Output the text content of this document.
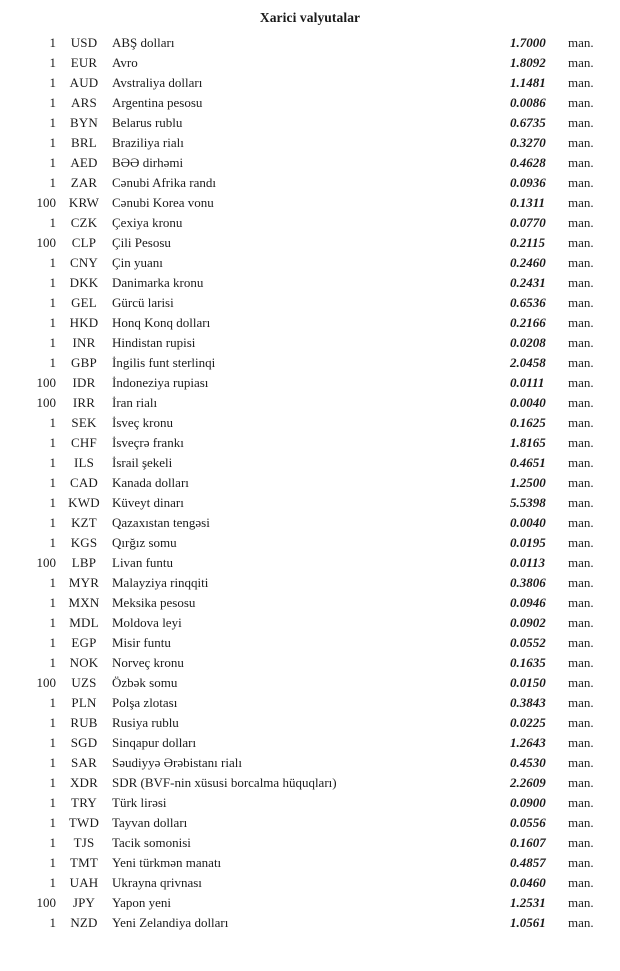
Xarici valyutalar
1	USD	ABŞ dolları	1.7000	man.
1	EUR	Avro	1.8092	man.
1	AUD	Avstraliya dolları	1.1481	man.
1	ARS	Argentina pesosu	0.0086	man.
1	BYN	Belarus rublu	0.6735	man.
1	BRL	Braziliya rialı	0.3270	man.
1	AED	BƏƏ dirhəmi	0.4628	man.
1	ZAR	Cənubi Afrika randı	0.0936	man.
100	KRW	Cənubi Korea vonu	0.1311	man.
1	CZK	Çexiya kronu	0.0770	man.
100	CLP	Çili Pesosu	0.2115	man.
1	CNY	Çin yuanı	0.2460	man.
1	DKK	Danimarka kronu	0.2431	man.
1	GEL	Gürcü larisi	0.6536	man.
1	HKD	Honq Konq dolları	0.2166	man.
1	INR	Hindistan rupisi	0.0208	man.
1	GBP	İngilis funt sterlinqi	2.0458	man.
100	IDR	İndoneziya rupiası	0.0111	man.
100	IRR	İran rialı	0.0040	man.
1	SEK	İsveç kronu	0.1625	man.
1	CHF	İsveçrə frankı	1.8165	man.
1	ILS	İsrail şekeli	0.4651	man.
1	CAD	Kanada dolları	1.2500	man.
1	KWD	Küveyt dinarı	5.5398	man.
1	KZT	Qazaxıstan tengəsi	0.0040	man.
1	KGS	Qırğız somu	0.0195	man.
100	LBP	Livan funtu	0.0113	man.
1	MYR	Malayziya rinqqiti	0.3806	man.
1	MXN	Meksika pesosu	0.0946	man.
1	MDL	Moldova leyi	0.0902	man.
1	EGP	Misir funtu	0.0552	man.
1	NOK	Norveç kronu	0.1635	man.
100	UZS	Özbək somu	0.0150	man.
1	PLN	Polşa zlotası	0.3843	man.
1	RUB	Rusiya rublu	0.0225	man.
1	SGD	Sinqapur dolları	1.2643	man.
1	SAR	Səudiyyə Ərəbistanı rialı	0.4530	man.
1	XDR	SDR (BVF-nin xüsusi borcalma hüquqları)	2.2609	man.
1	TRY	Türk lirəsi	0.0900	man.
1	TWD	Tayvan dolları	0.0556	man.
1	TJS	Tacik somonisi	0.1607	man.
1	TMT	Yeni türkmən manatı	0.4857	man.
1	UAH	Ukrayna qrivnası	0.0460	man.
100	JPY	Yapon yeni	1.2531	man.
1	NZD	Yeni Zelandiya dolları	1.0561	man.
